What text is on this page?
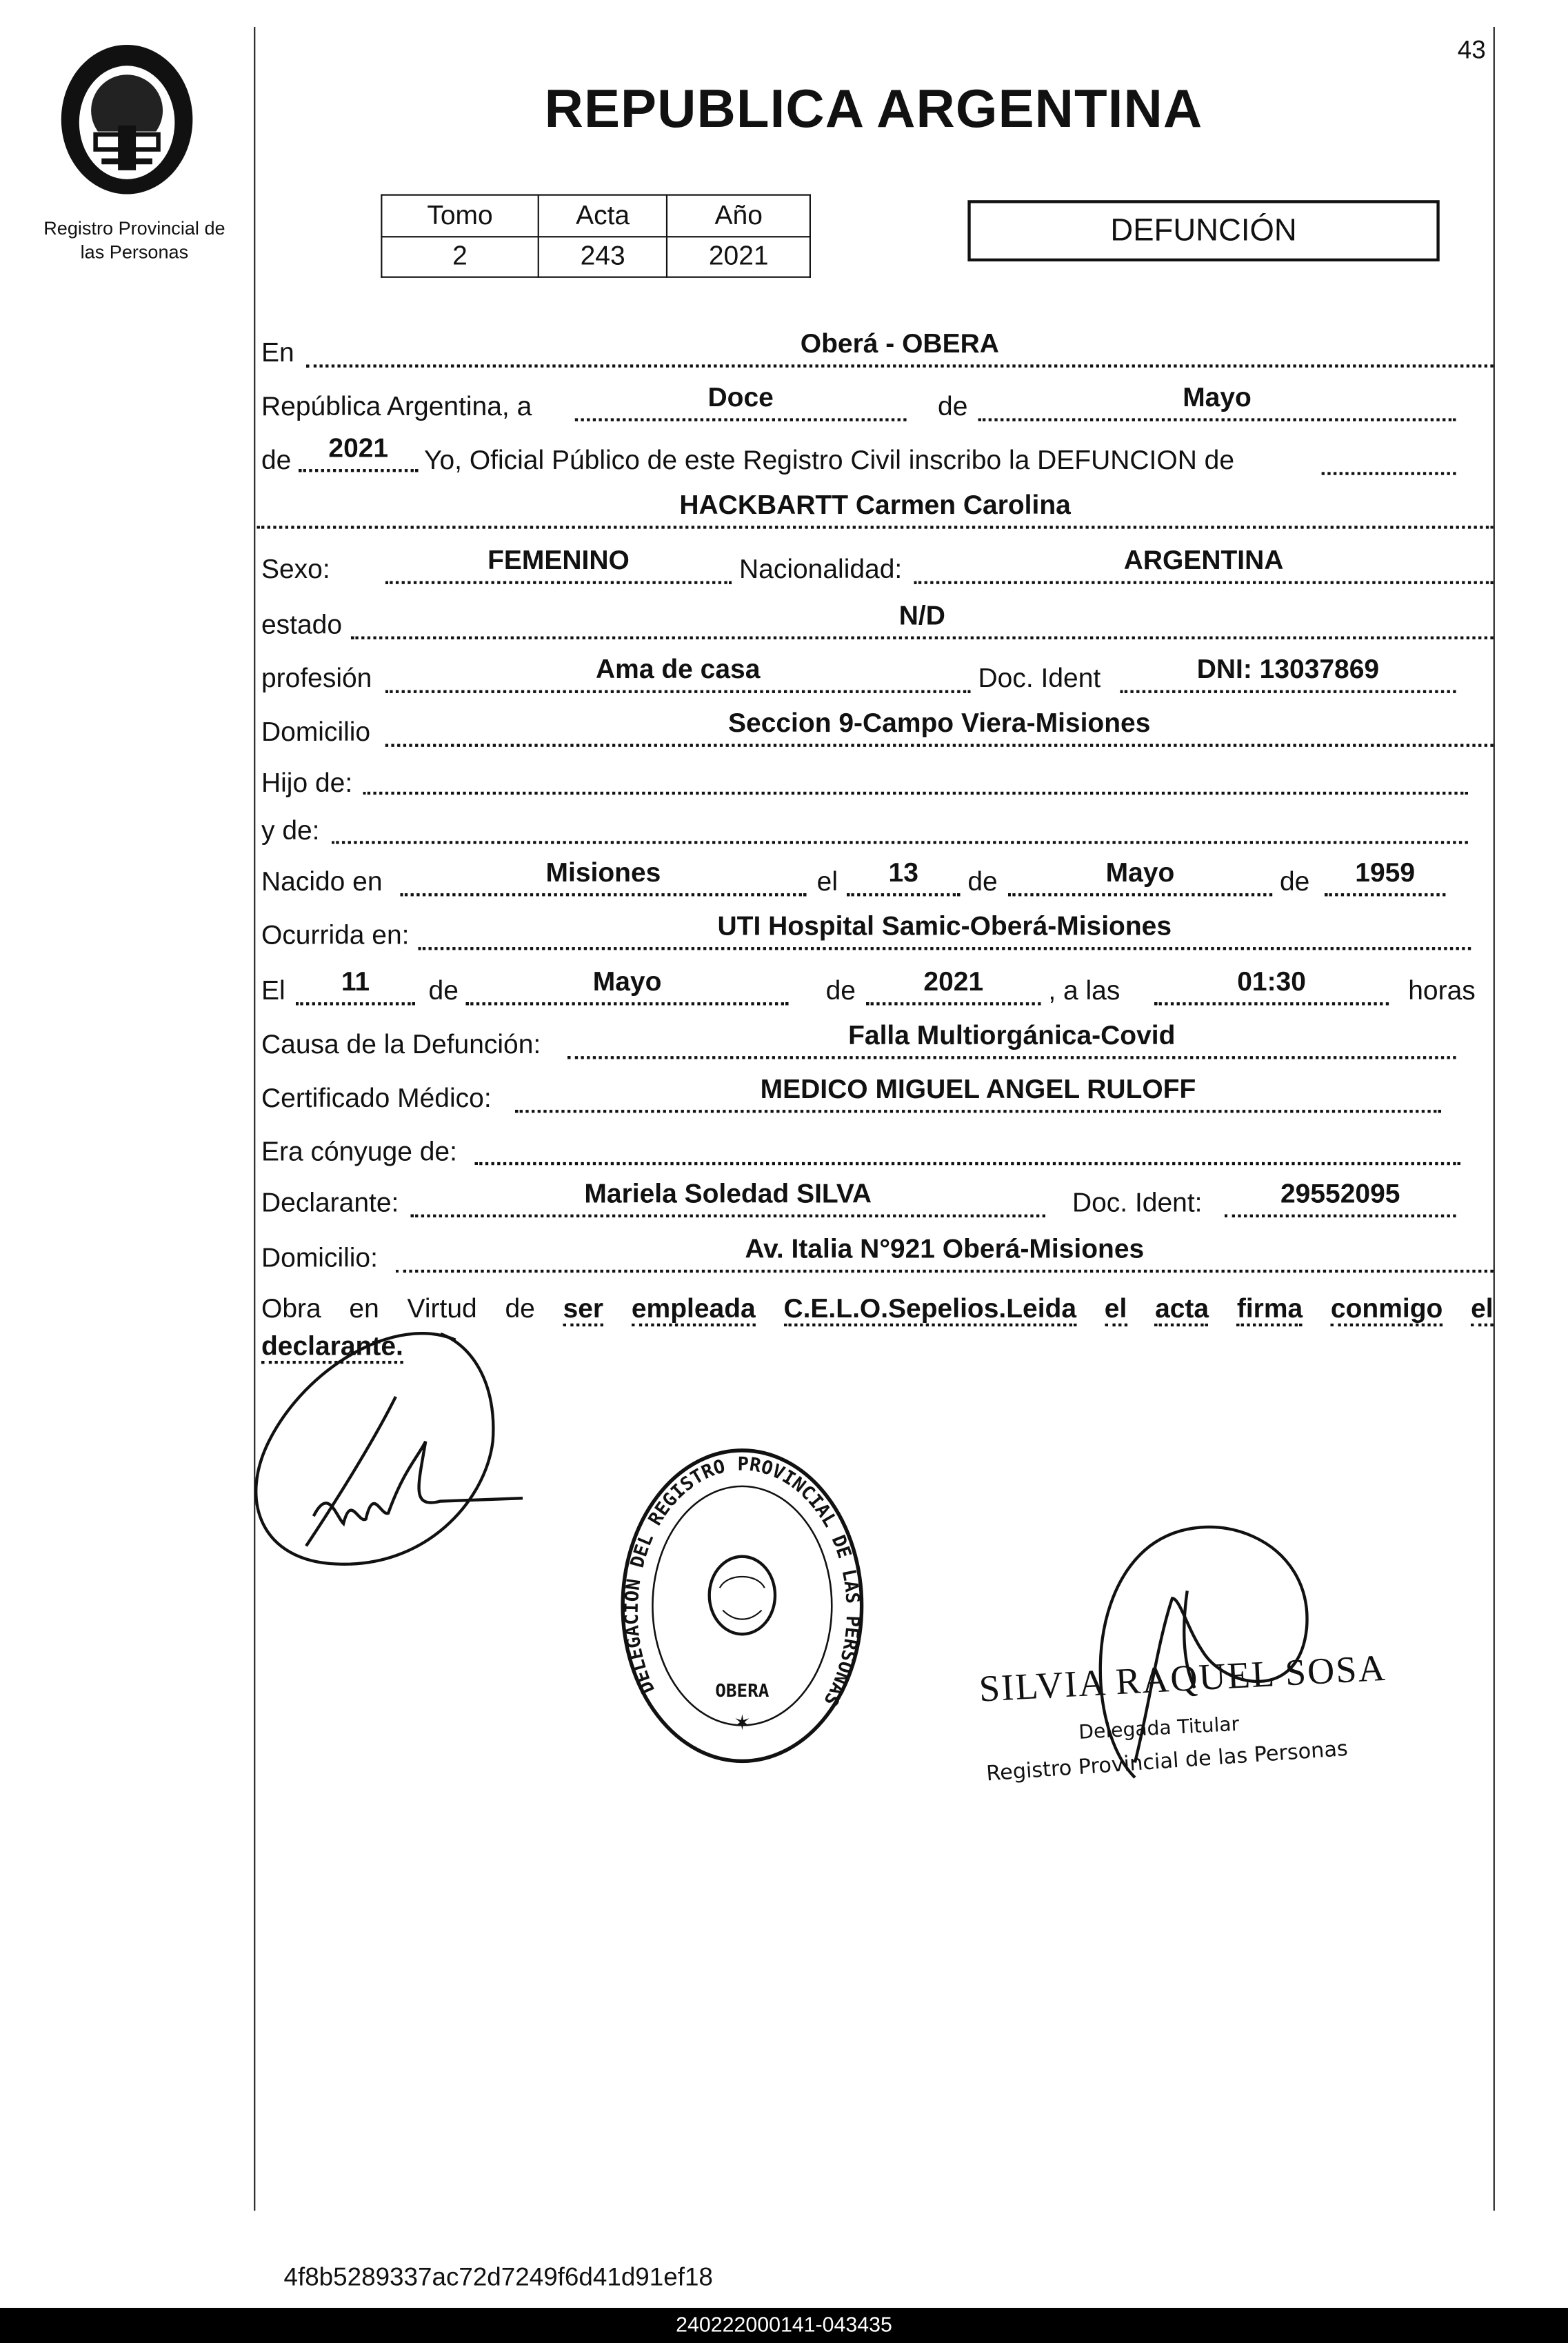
43
Registro Provincial de
las Personas
REPUBLICA ARGENTINA
Tomo	Acta	Año
2	243	2021
DEFUNCIÓN
En	Oberá - OBERA
República Argentina, a	Doce	de	Mayo
de	2021	Yo, Oficial Público de este Registro Civil inscribo la DEFUNCION de
HACKBARTT Carmen Carolina
Sexo:	FEMENINO	Nacionalidad:	ARGENTINA
estado	N/D
profesión	Ama de casa	Doc. Ident	DNI: 13037869
Domicilio	Seccion 9-Campo Viera-Misiones
Hijo de:
y de:
Nacido en	Misiones	el	13	de	Mayo	de	1959
Ocurrida en:	UTI Hospital Samic-Oberá-Misiones
El	11	de	Mayo	de	2021	, a las	01:30	horas
Causa de la Defunción:	Falla Multiorgánica-Covid
Certificado Médico:	MEDICO MIGUEL ANGEL RULOFF
Era cónyuge de:
Declarante:	Mariela Soledad SILVA	Doc. Ident:	29552095
Domicilio:	Av. Italia N°921 Oberá-Misiones
Obra en Virtud de ser empleada C.E.L.O.Sepelios.Leida el acta firma conmigo el
declarante.
DELEGACION DEL REGISTRO PROVINCIAL DE LAS PERSONAS
OBERA
✶
SILVIA RAQUEL SOSA
Delegada Titular
Registro Provincial de las Personas
4f8b5289337ac72d7249f6d41d91ef18
240222000141-043435
